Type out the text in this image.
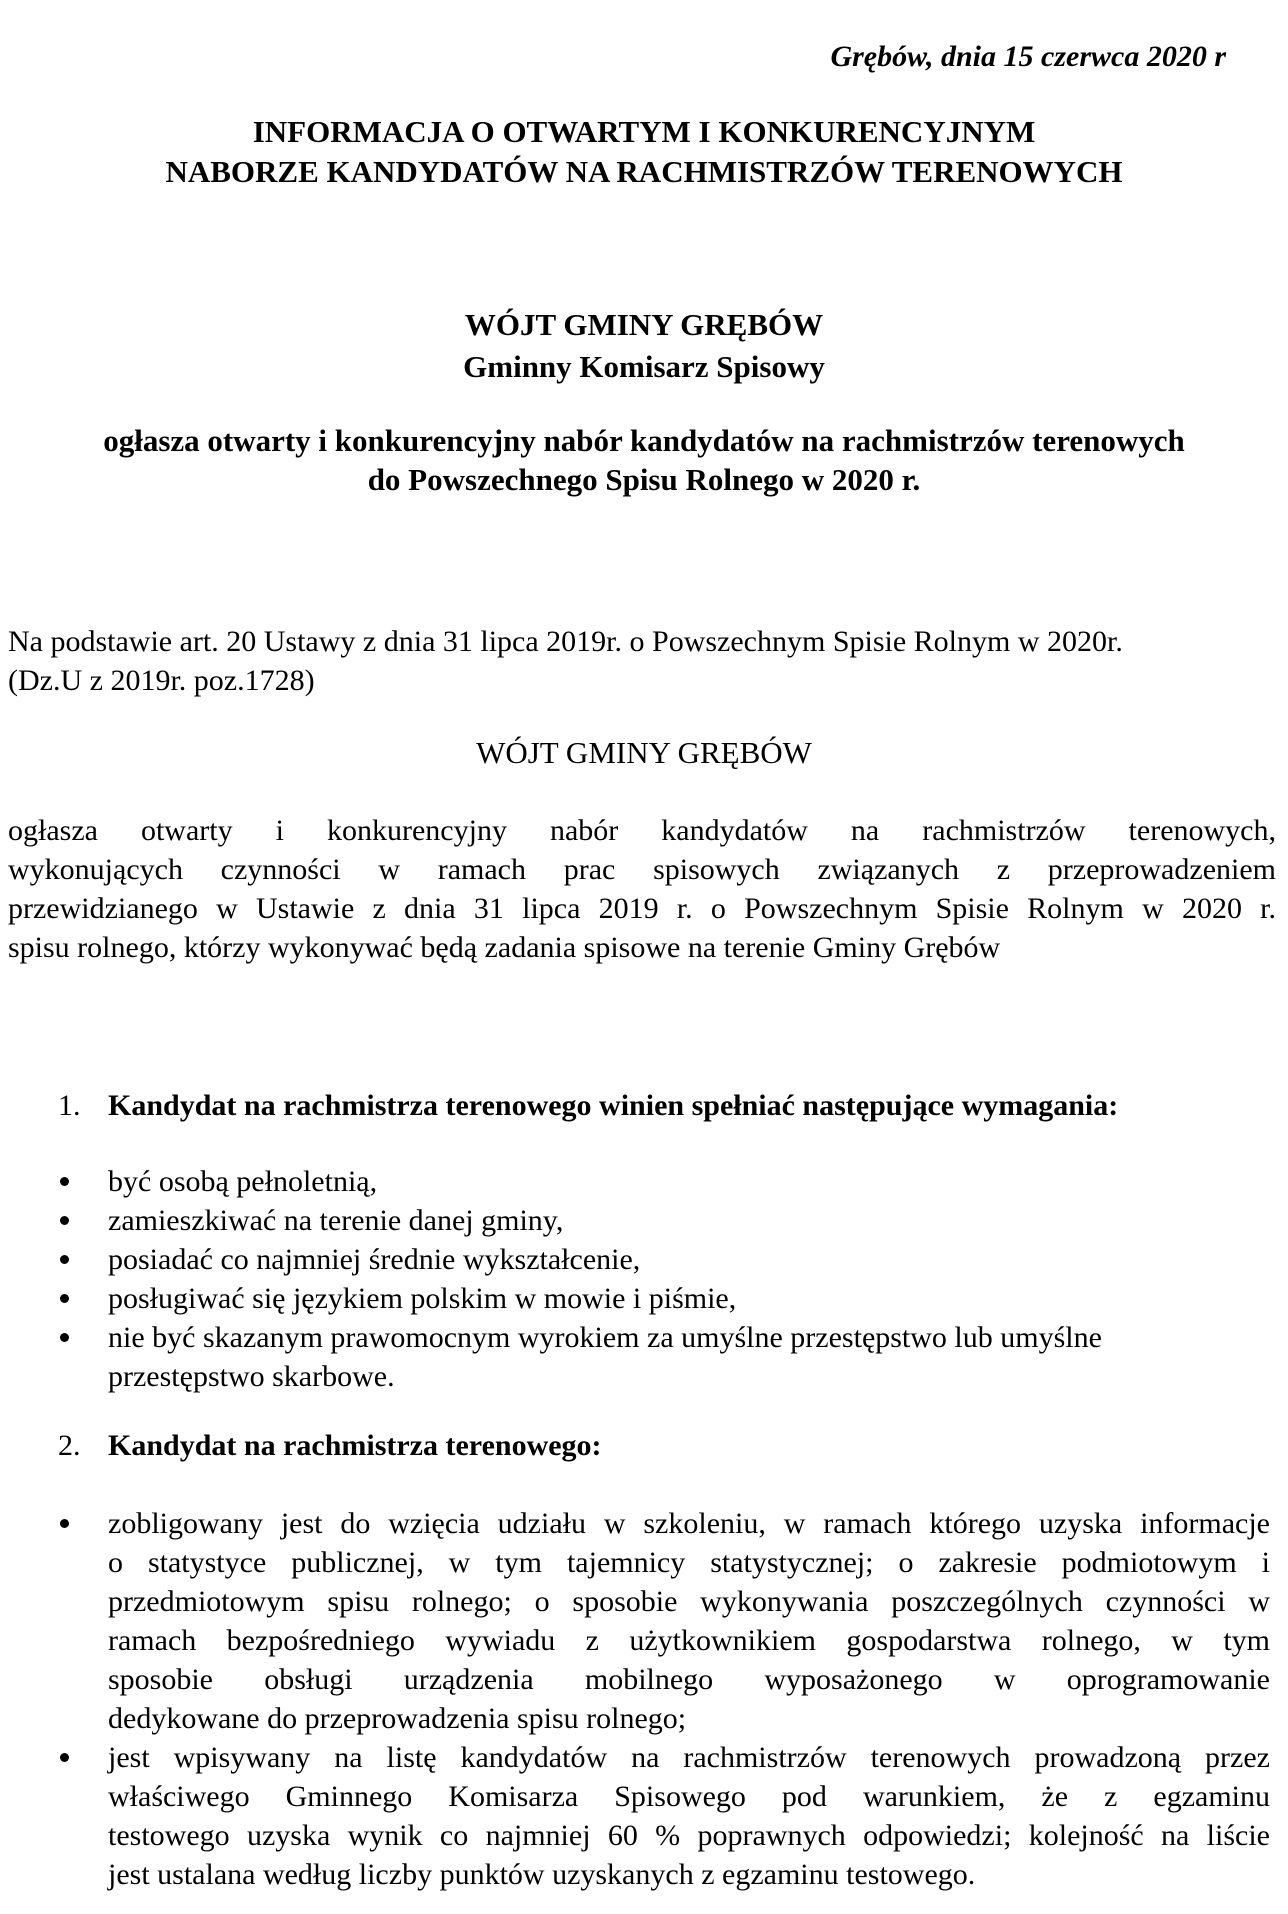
Grębów, dnia 15 czerwca 2020 r
INFORMACJA O OTWARTYM I KONKURENCYJNYM
NABORZE KANDYDATÓW NA RACHMISTRZÓW TERENOWYCH
WÓJT GMINY GRĘBÓW
Gminny Komisarz Spisowy
ogłasza otwarty i konkurencyjny nabór kandydatów na rachmistrzów terenowych
do Powszechnego Spisu Rolnego w 2020 r.
Na podstawie art. 20 Ustawy z dnia 31 lipca 2019r. o Powszechnym Spisie Rolnym w 2020r.
(Dz.U z 2019r. poz.1728)
WÓJT GMINY GRĘBÓW
ogłasza otwarty i konkurencyjny nabór kandydatów na rachmistrzów terenowych,
wykonujących czynności w ramach prac spisowych związanych z przeprowadzeniem
przewidzianego w Ustawie z dnia 31 lipca 2019 r. o Powszechnym Spisie Rolnym w 2020 r.
spisu rolnego, którzy wykonywać będą zadania spisowe na terenie Gminy Grębów
1. Kandydat na rachmistrza terenowego winien spełniać następujące wymagania:
być osobą pełnoletnią,
zamieszkiwać na terenie danej gminy,
posiadać co najmniej średnie wykształcenie,
posługiwać się językiem polskim w mowie i piśmie,
nie być skazanym prawomocnym wyrokiem za umyślne przestępstwo lub umyślne
przestępstwo skarbowe.
2. Kandydat na rachmistrza terenowego:
zobligowany jest do wzięcia udziału w szkoleniu, w ramach którego uzyska informacje
o statystyce publicznej, w tym tajemnicy statystycznej; o zakresie podmiotowym i
przedmiotowym spisu rolnego; o sposobie wykonywania poszczególnych czynności w
ramach bezpośredniego wywiadu z użytkownikiem gospodarstwa rolnego, w tym
sposobie obsługi urządzenia mobilnego wyposażonego w oprogramowanie
dedykowane do przeprowadzenia spisu rolnego;
jest wpisywany na listę kandydatów na rachmistrzów terenowych prowadzoną przez
właściwego Gminnego Komisarza Spisowego pod warunkiem, że z egzaminu
testowego uzyska wynik co najmniej 60 % poprawnych odpowiedzi; kolejność na liście
jest ustalana według liczby punktów uzyskanych z egzaminu testowego.
